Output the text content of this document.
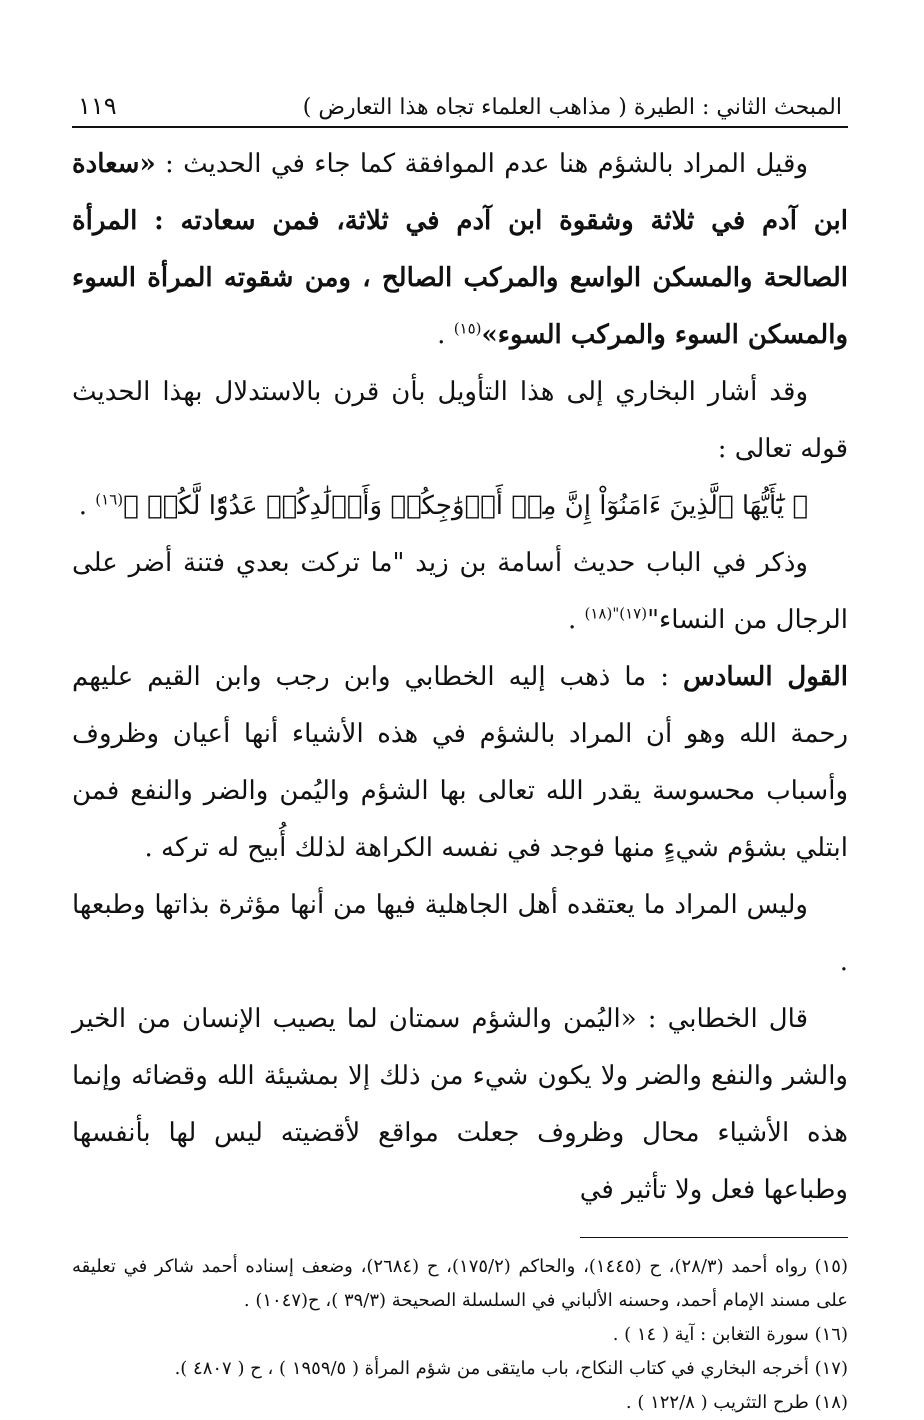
المبحث الثاني : الطيرة ( مذاهب العلماء تجاه هذا التعارض )
١١٩

وقيل المراد بالشؤم هنا عدم الموافقة كما جاء في الحديث : «سعادة ابن آدم في ثلاثة وشقوة ابن آدم في ثلاثة، فمن سعادته : المرأة الصالحة والمسكن الواسع والمركب الصالح ، ومن شقوته المرأة السوء والمسكن السوء والمركب السوء»$^{(١٥)}$ .

وقد أشار البخاري إلى هذا التأويل بأن قرن بالاستدلال بهذا الحديث قوله تعالى :

﴿ يَٰٓأَيُّهَا ٱلَّذِينَ ءَامَنُوٓاْ إِنَّ مِنۡ أَزۡوَٰجِكُمۡ وَأَوۡلَٰدِكُمۡ عَدُوّٗا لَّكُمۡ ﴾$^{(١٦)}$ .

وذكر في الباب حديث أسامة بن زيد "ما تركت بعدي فتنة أضر على الرجال من النساء"$^{(١٧)"(١٨)}$ .

القول السادس : ما ذهب إليه الخطابي وابن رجب وابن القيم عليهم رحمة الله وهو أن المراد بالشؤم في هذه الأشياء أنها أعيان وظروف وأسباب محسوسة يقدر الله تعالى بها الشؤم واليُمن والضر والنفع فمن ابتلي بشؤم شيءٍ منها فوجد في نفسه الكراهة لذلك أُبيح له تركه .

وليس المراد ما يعتقده أهل الجاهلية فيها من أنها مؤثرة بذاتها وطبعها .

قال الخطابي : «اليُمن والشؤم سمتان لما يصيب الإنسان من الخير والشر والنفع والضر ولا يكون شيء من ذلك إلا بمشيئة الله وقضائه وإنما هذه الأشياء محال وظروف جعلت مواقع لأقضيته ليس لها بأنفسها وطباعها فعل ولا تأثير في

(١٥) رواه أحمد (٢٨/٣)، ح (١٤٤٥)، والحاكم (١٧٥/٢)، ح (٢٦٨٤)، وضعف إسناده أحمد شاكر في تعليقه على مسند الإمام أحمد، وحسنه الألباني في السلسلة الصحيحة (٣٩/٣ )، ح(١٠٤٧) .

(١٦) سورة التغابن : آية ( ١٤ ) .

(١٧) أخرجه البخاري في كتاب النكاح، باب مايتقى من شؤم المرأة ( ١٩٥٩/٥ ) ، ح ( ٤٨٠٧ ).

(١٨) طرح التثريب ( ١٢٢/٨ ) .
